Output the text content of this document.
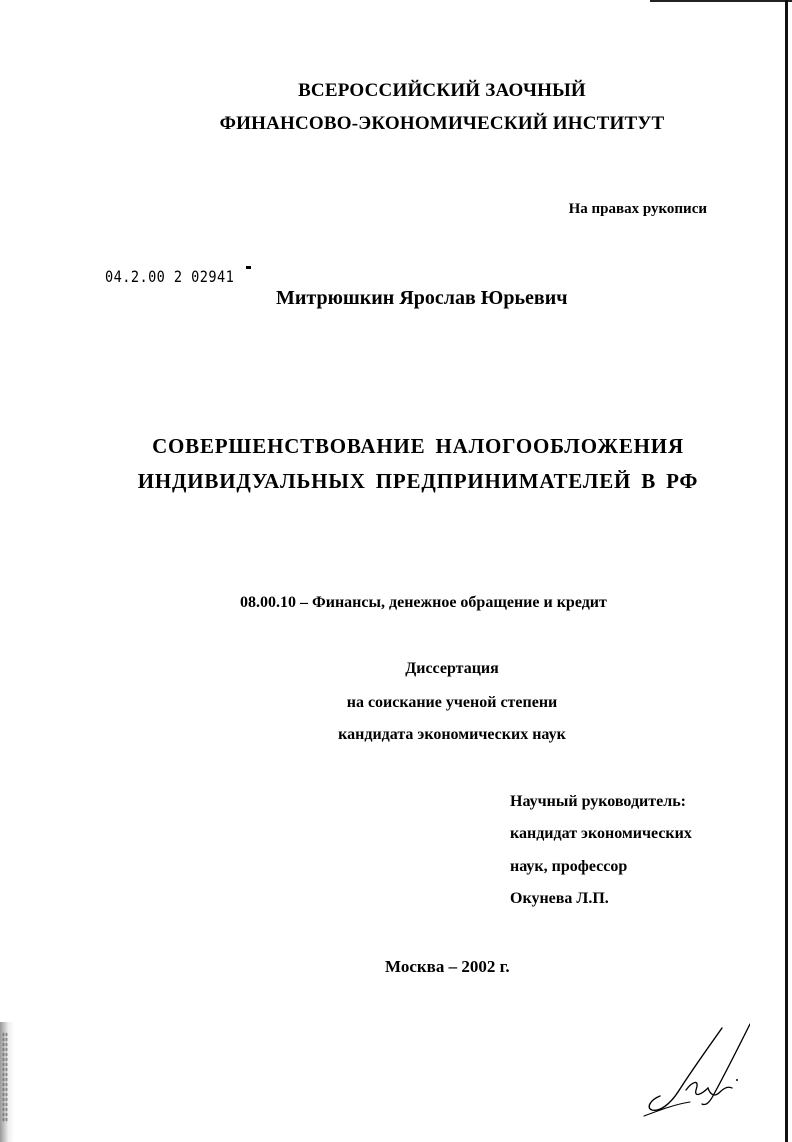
ВСЕРОССИЙСКИЙ ЗАОЧНЫЙ
ФИНАНСОВО-ЭКОНОМИЧЕСКИЙ ИНСТИТУТ
На правах рукописи
04.2.00 2 02941
Митрюшкин Ярослав Юрьевич
СОВЕРШЕНСТВОВАНИЕ НАЛОГООБЛОЖЕНИЯ
ИНДИВИДУАЛЬНЫХ ПРЕДПРИНИМАТЕЛЕЙ В РФ
08.00.10 – Финансы, денежное обращение и кредит
Диссертация
на соискание ученой степени
кандидата экономических наук
Научный руководитель:
кандидат экономических
наук, профессор
Окунева Л.П.
Москва – 2002 г.
